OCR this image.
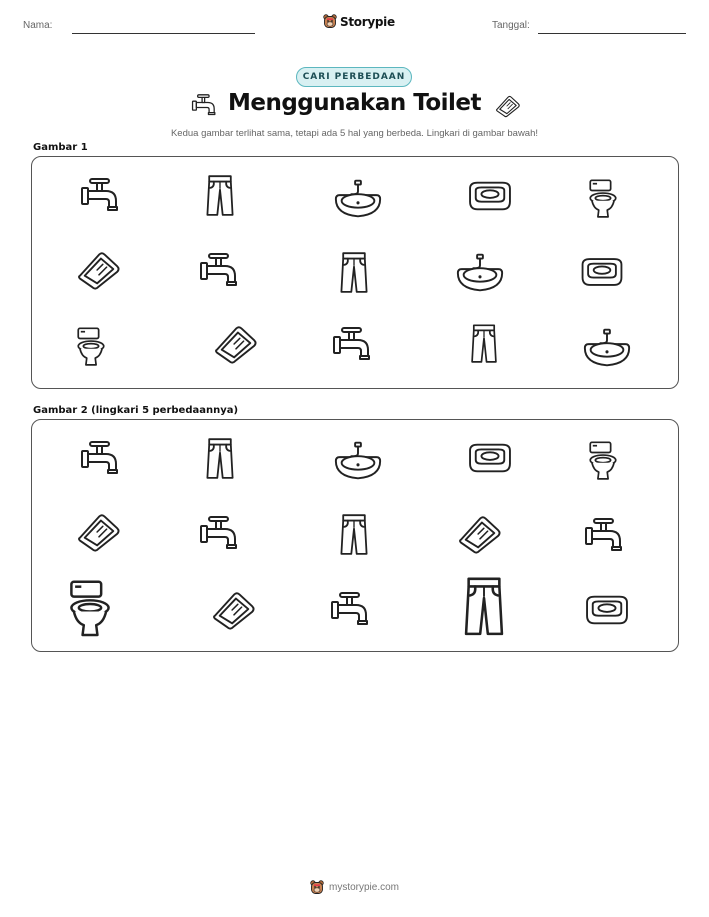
Nama:	Storypie	Tanggal:
CARI PERBEDAAN
Menggunakan Toilet
Kedua gambar terlihat sama, tetapi ada 5 hal yang berbeda. Lingkari di gambar bawah!
Gambar 1
Gambar 2 (lingkari 5 perbedaannya)
mystorypie.com
